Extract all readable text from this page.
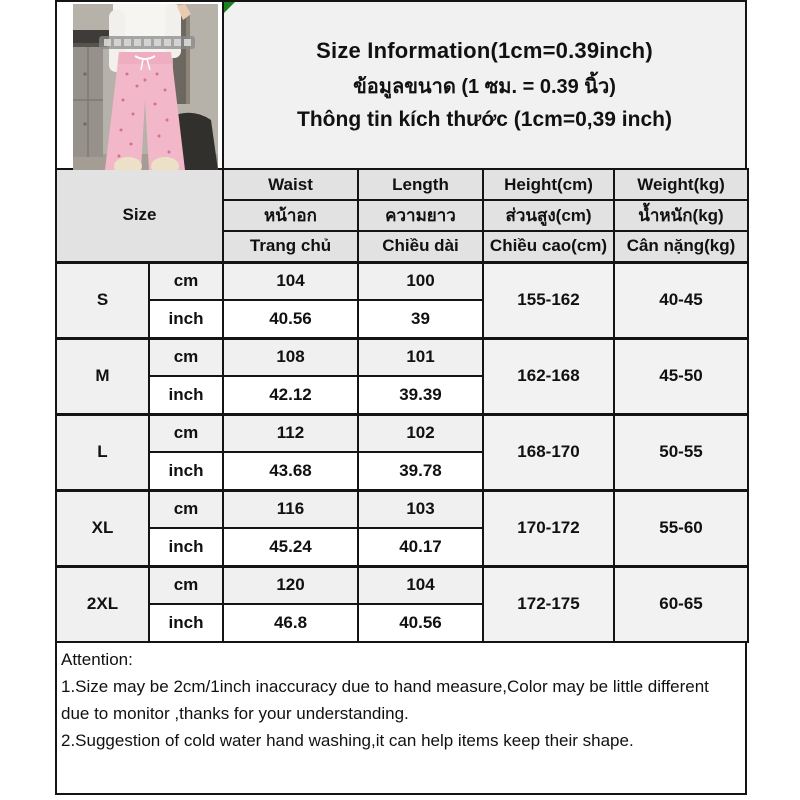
Size Information(1cm=0.39inch)
ข้อมูลขนาด (1 ซม. = 0.39 นิ้ว)
Thông tin kích thước (1cm=0,39 inch)
Size		Waist	Length	Height(cm)	Weight(kg)
		หน้าอก	ความยาว	ส่วนสูง(cm)	น้ำหนัก(kg)
		Trang chủ	Chiều dài	Chiều cao(cm)	Cân nặng(kg)
S	cm	104	100	155-162	40-45
	inch	40.56	39		
M	cm	108	101	162-168	45-50
	inch	42.12	39.39		
L	cm	112	102	168-170	50-55
	inch	43.68	39.78		
XL	cm	116	103	170-172	55-60
	inch	45.24	40.17		
2XL	cm	120	104	172-175	60-65
	inch	46.8	40.56		
Attention:
1.Size may be 2cm/1inch inaccuracy due to hand measure,Color may be little different due to monitor ,thanks for your understanding.
2.Suggestion of cold water hand washing,it can help items keep their shape.
